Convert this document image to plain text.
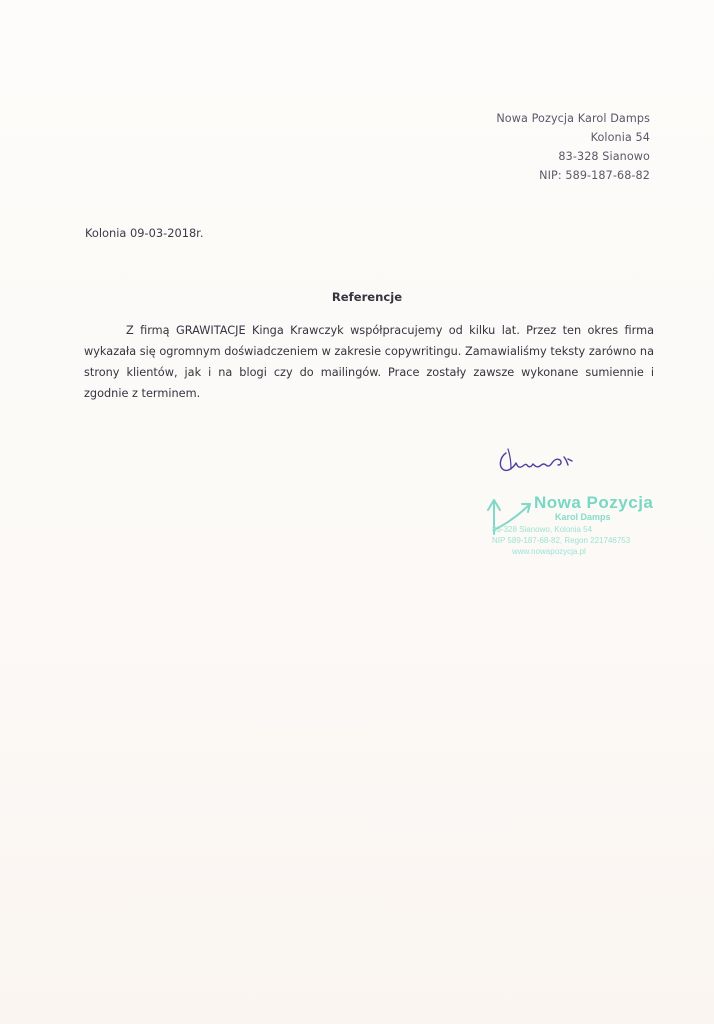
Nowa Pozycja Karol Damps
Kolonia 54
83-328 Sianowo
NIP: 589-187-68-82
Kolonia 09-03-2018r.
Referencje

Z firmą GRAWITACJE Kinga Krawczyk współpracujemy od kilku lat. Przez ten okres firma wykazała się ogromnym doświadczeniem w zakresie copywritingu. Zamawialiśmy teksty zarówno na strony klientów, jak i na blogi czy do mailingów. Prace zostały zawsze wykonane sumiennie i zgodnie z terminem.

Nowa Pozycja
Karol Damps
83-328 Sianowo, Kolonia 54
NIP 589-187-68-82, Regon 221746753
www.nowapozycja.pl
